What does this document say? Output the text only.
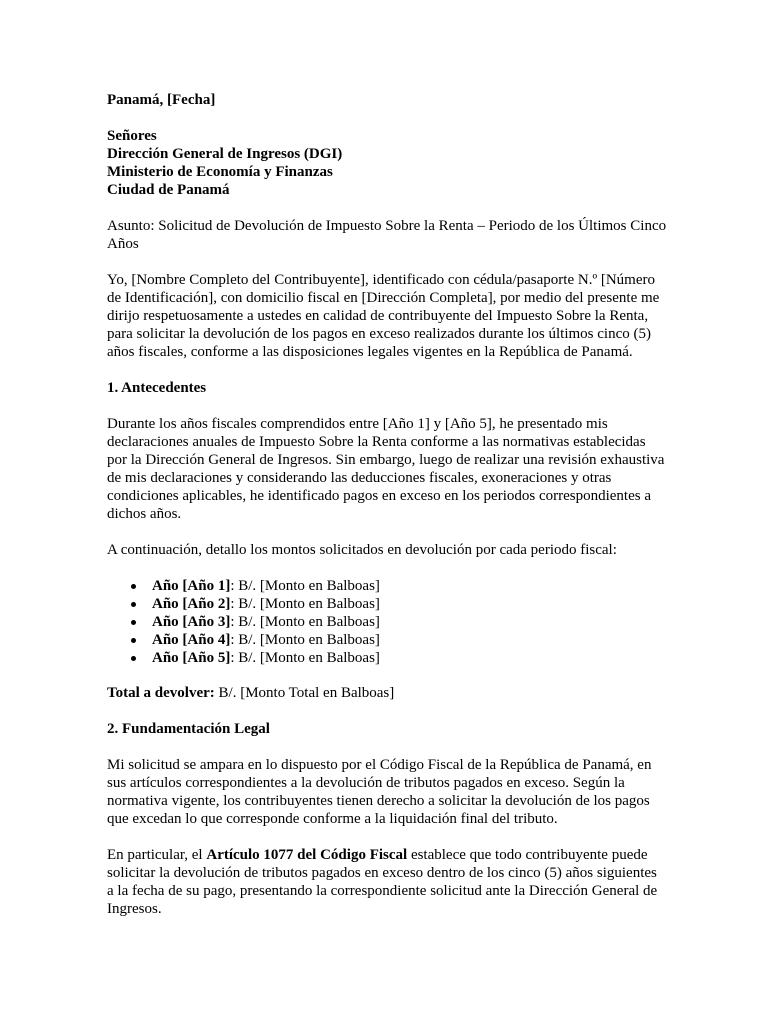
Panamá, [Fecha]

Señores

Dirección General de Ingresos (DGI)

Ministerio de Economía y Finanzas

Ciudad de Panamá

Asunto: Solicitud de Devolución de Impuesto Sobre la Renta – Periodo de los Últimos Cinco Años

Yo, [Nombre Completo del Contribuyente], identificado con cédula/pasaporte N.º [Número de Identificación], con domicilio fiscal en [Dirección Completa], por medio del presente me dirijo respetuosamente a ustedes en calidad de contribuyente del Impuesto Sobre la Renta, para solicitar la devolución de los pagos en exceso realizados durante los últimos cinco (5) años fiscales, conforme a las disposiciones legales vigentes en la República de Panamá.

1. Antecedentes

Durante los años fiscales comprendidos entre [Año 1] y [Año 5], he presentado mis declaraciones anuales de Impuesto Sobre la Renta conforme a las normativas establecidas por la Dirección General de Ingresos. Sin embargo, luego de realizar una revisión exhaustiva de mis declaraciones y considerando las deducciones fiscales, exoneraciones y otras condiciones aplicables, he identificado pagos en exceso en los periodos correspondientes a dichos años.

A continuación, detallo los montos solicitados en devolución por cada periodo fiscal:

Año [Año 1]: B/. [Monto en Balboas]
Año [Año 2]: B/. [Monto en Balboas]
Año [Año 3]: B/. [Monto en Balboas]
Año [Año 4]: B/. [Monto en Balboas]
Año [Año 5]: B/. [Monto en Balboas]

Total a devolver: B/. [Monto Total en Balboas]

2. Fundamentación Legal

Mi solicitud se ampara en lo dispuesto por el Código Fiscal de la República de Panamá, en sus artículos correspondientes a la devolución de tributos pagados en exceso. Según la normativa vigente, los contribuyentes tienen derecho a solicitar la devolución de los pagos que excedan lo que corresponde conforme a la liquidación final del tributo.

En particular, el Artículo 1077 del Código Fiscal establece que todo contribuyente puede solicitar la devolución de tributos pagados en exceso dentro de los cinco (5) años siguientes a la fecha de su pago, presentando la correspondiente solicitud ante la Dirección General de Ingresos.
